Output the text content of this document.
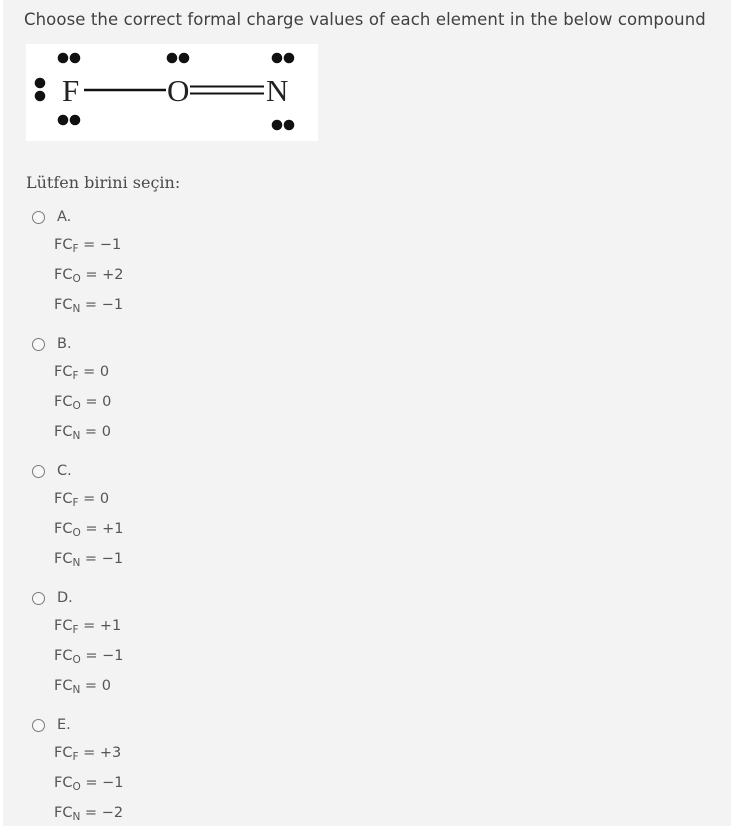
Choose the correct formal charge values of each element in the below compound
F	O N
Lütfen birini seçin:
A.
$FC_F = -1$
$FC_O = +2$
$FC_N = -1$
B.
$FC_F = 0$
$FC_O = 0$
$FC_N = 0$
C.
$FC_F = 0$
$FC_O = +1$
$FC_N = -1$
D.
$FC_F = +1$
$FC_O = -1$
$FC_N = 0$
E.
$FC_F = +3$
$FC_O = -1$
$FC_N = -2$
